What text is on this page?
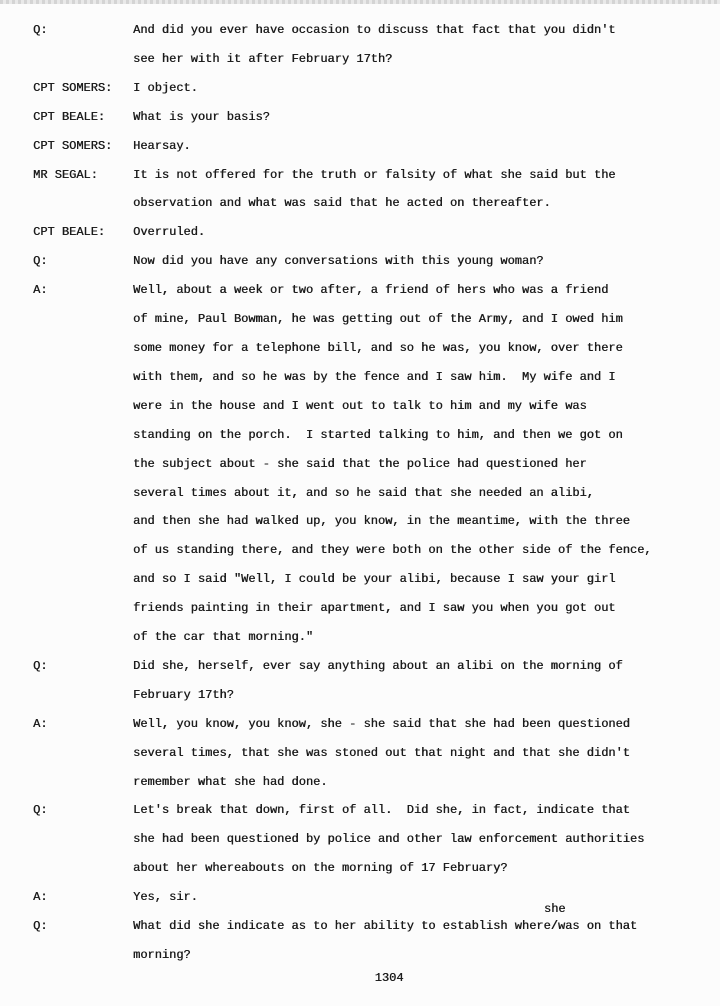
Q:	And did you ever have occasion to discuss that fact that you didn't
see her with it after February 17th?
CPT SOMERS: I object.
CPT BEALE: What is your basis?
CPT SOMERS: Hearsay.
MR SEGAL:	It is not offered for the truth or falsity of what she said but the
observation and what was said that he acted on thereafter.
CPT BEALE: Overruled.
Q:	Now did you have any conversations with this young woman?
A:	Well, about a week or two after, a friend of hers who was a friend
of mine, Paul Bowman, he was getting out of the Army, and I owed him
some money for a telephone bill, and so he was, you know, over there
with them, and so he was by the fence and I saw him.  My wife and I
were in the house and I went out to talk to him and my wife was
standing on the porch.  I started talking to him, and then we got on
the subject about - she said that the police had questioned her
several times about it, and so he said that she needed an alibi,
and then she had walked up, you know, in the meantime, with the three
of us standing there, and they were both on the other side of the fence,
and so I said "Well, I could be your alibi, because I saw your girl
friends painting in their apartment, and I saw you when you got out
of the car that morning."
Q:	Did she, herself, ever say anything about an alibi on the morning of
February 17th?
A:	Well, you know, you know, she - she said that she had been questioned
several times, that she was stoned out that night and that she didn't
remember what she had done.
Q:	Let's break that down, first of all.  Did she, in fact, indicate that
she had been questioned by police and other law enforcement authorities
about her whereabouts on the morning of 17 February?
A:	Yes, sir.
Q:	What did she indicate as to her ability to establish where/
she
was on that
morning?
1304
